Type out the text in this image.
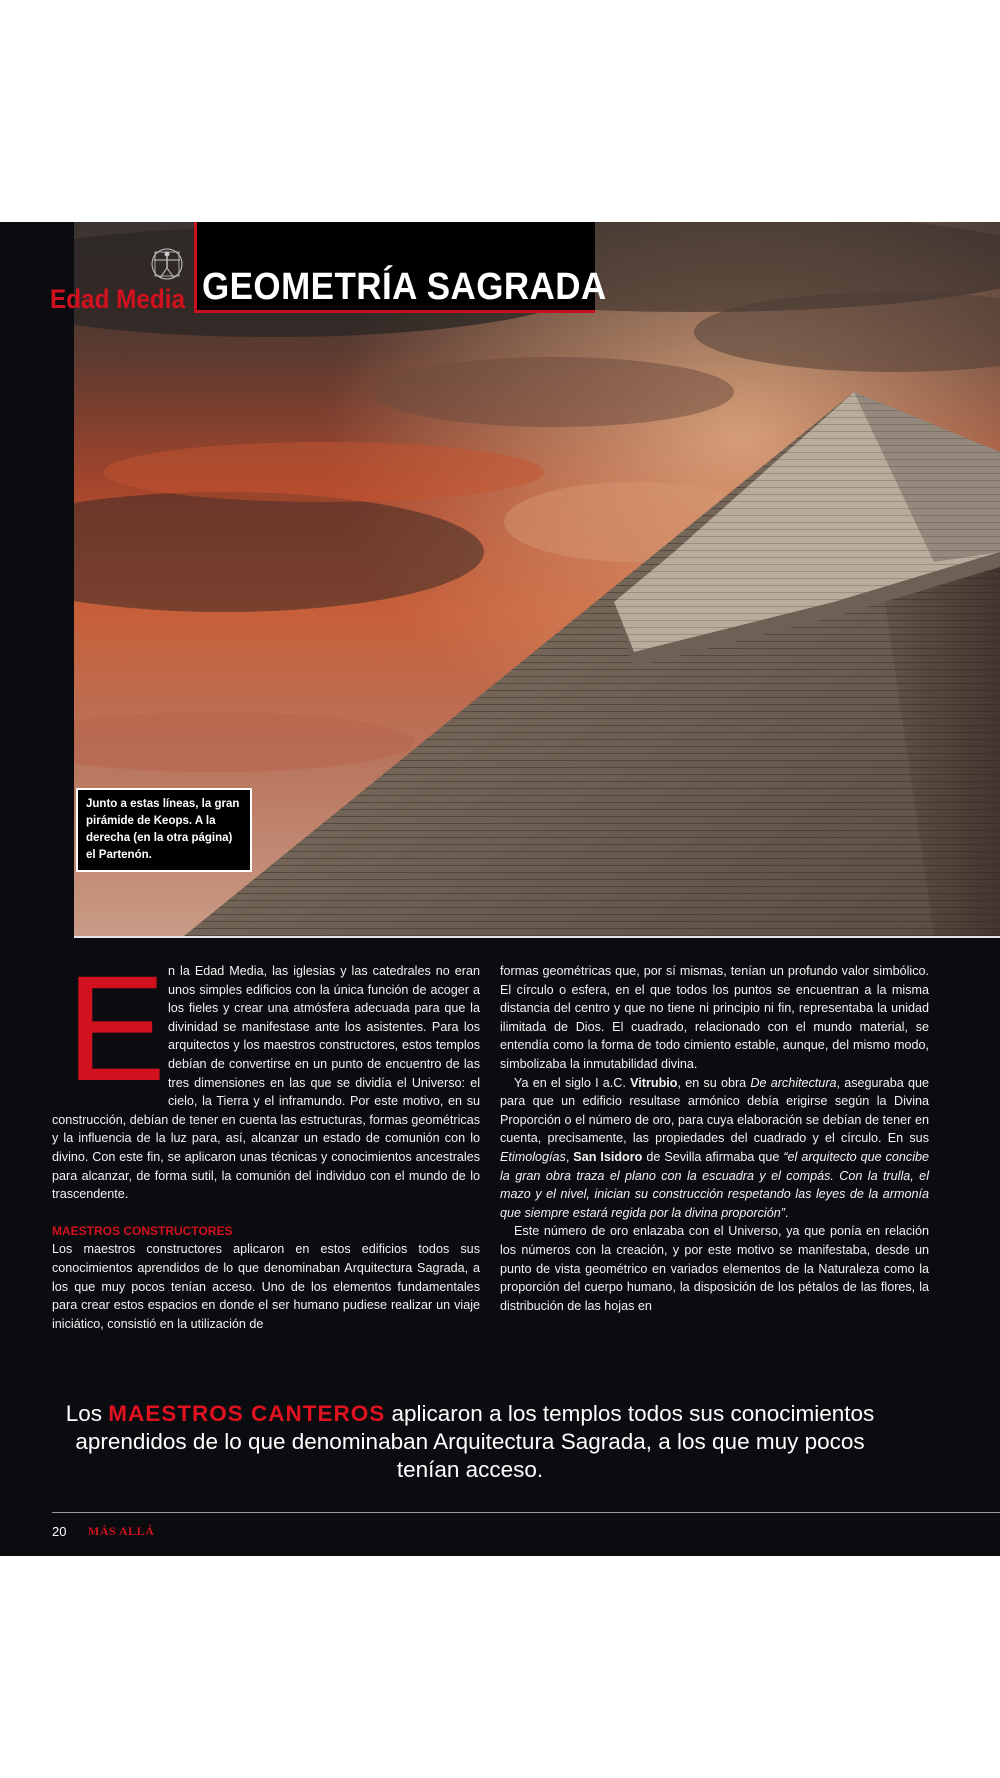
Edad Media GEOMETRÍA SAGRADA
Junto a estas líneas, la gran pirámide de Keops. A la derecha (en la otra página) el Partenón.
E n la Edad Media, las iglesias y las catedrales no eran unos simples edificios con la única función de acoger a los fieles y crear una atmósfera adecuada para que la divinidad se manifestase ante los asistentes. Para los arquitectos y los maestros constructores, estos templos debían de convertirse en un punto de encuentro de las tres dimensiones en las que se dividía el Universo: el cielo, la Tierra y el inframundo. Por este motivo, en su construcción, debían de tener en cuenta las estructuras, formas geométricas y la influencia de la luz para, así, alcanzar un estado de comunión con lo divino. Con este fin, se aplicaron unas técnicas y conocimientos ancestrales para alcanzar, de forma sutil, la comunión del individuo con el mundo de lo trascendente.

MAESTROS CONSTRUCTORES

Los maestros constructores aplicaron en estos edificios todos sus conocimientos aprendidos de lo que denominaban Arquitectura Sagrada, a los que muy pocos tenían acceso. Uno de los elementos fundamentales para crear estos espacios en donde el ser humano pudiese realizar un viaje iniciático, consistió en la utilización de

formas geométricas que, por sí mismas, tenían un profundo valor simbólico. El círculo o esfera, en el que todos los puntos se encuentran a la misma distancia del centro y que no tiene ni principio ni fin, representaba la unidad ilimitada de Dios. El cuadrado, relacionado con el mundo material, se entendía como la forma de todo cimiento estable, aunque, del mismo modo, simbolizaba la inmutabilidad divina.

Ya en el siglo I a.C. Vitrubio, en su obra De architectura, aseguraba que para que un edificio resultase armónico debía erigirse según la Divina Proporción o el número de oro, para cuya elaboración se debían de tener en cuenta, precisamente, las propiedades del cuadrado y el círculo. En sus Etimologías, San Isidoro de Sevilla afirmaba que “el arquitecto que concibe la gran obra traza el plano con la escuadra y el compás. Con la trulla, el mazo y el nivel, inician su construcción respetando las leyes de la armonía que siempre estará regida por la divina proporción”.

Este número de oro enlazaba con el Universo, ya que ponía en relación los números con la creación, y por este motivo se manifestaba, desde un punto de vista geométrico en variados elementos de la Naturaleza como la proporción del cuerpo humano, la disposición de los pétalos de las flores, la distribución de las hojas en

Los MAESTROS CANTEROS aplicaron a los templos todos sus conocimientos aprendidos de lo que denominaban Arquitectura Sagrada, a los que muy pocos tenían acceso.
20 MÁS ALLÁ
